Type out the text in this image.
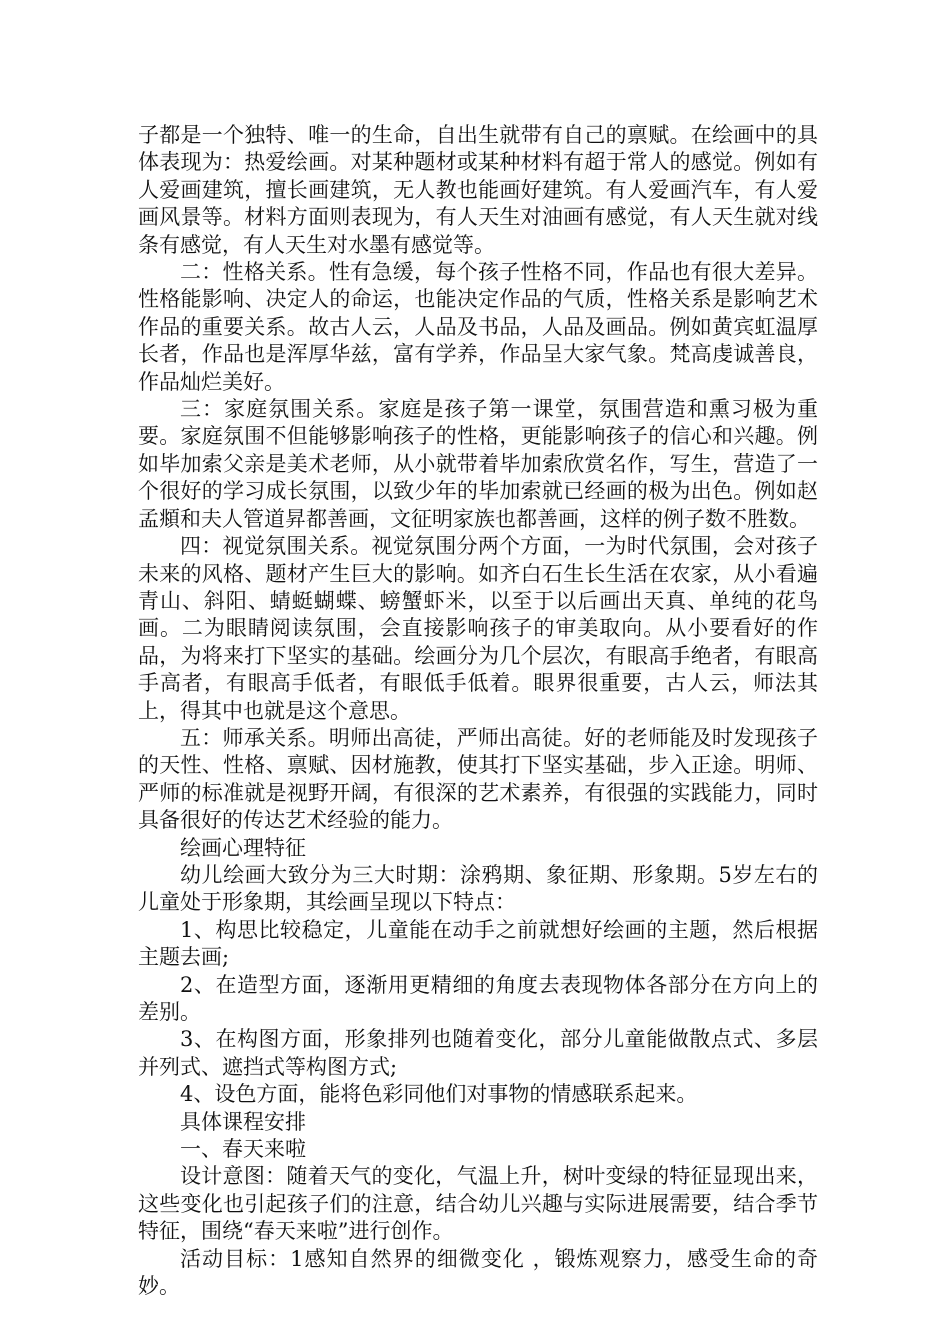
子都是一个独特、唯一的生命，自出生就带有自己的禀赋。在绘画中的具体表现为：热爱绘画。对某种题材或某种材料有超于常人的感觉。例如有人爱画建筑，擅长画建筑，无人教也能画好建筑。有人爱画汽车，有人爱画风景等。材料方面则表现为，有人天生对油画有感觉，有人天生就对线条有感觉，有人天生对水墨有感觉等。

二：性格关系。性有急缓，每个孩子性格不同，作品也有很大差异。性格能影响、决定人的命运，也能决定作品的气质，性格关系是影响艺术作品的重要关系。故古人云，人品及书品，人品及画品。例如黄宾虹温厚长者，作品也是浑厚华兹，富有学养，作品呈大家气象。梵高虔诚善良，作品灿烂美好。

三：家庭氛围关系。家庭是孩子第一课堂，氛围营造和熏习极为重要。家庭氛围不但能够影响孩子的性格，更能影响孩子的信心和兴趣。例如毕加索父亲是美术老师，从小就带着毕加索欣赏名作，写生，营造了一个很好的学习成长氛围，以致少年的毕加索就已经画的极为出色。例如赵孟頫和夫人管道昇都善画，文征明家族也都善画，这样的例子数不胜数。

四：视觉氛围关系。视觉氛围分两个方面，一为时代氛围，会对孩子未来的风格、题材产生巨大的影响。如齐白石生长生活在农家，从小看遍青山、斜阳、蜻蜓蝴蝶、螃蟹虾米，以至于以后画出天真、单纯的花鸟画。二为眼睛阅读氛围，会直接影响孩子的审美取向。从小要看好的作品，为将来打下坚实的基础。绘画分为几个层次，有眼高手绝者，有眼高手高者，有眼高手低者，有眼低手低着。眼界很重要，古人云，师法其上，得其中也就是这个意思。

五：师承关系。明师出高徒，严师出高徒。好的老师能及时发现孩子的天性、性格、禀赋、因材施教，使其打下坚实基础，步入正途。明师、严师的标准就是视野开阔，有很深的艺术素养，有很强的实践能力，同时具备很好的传达艺术经验的能力。

绘画心理特征

幼儿绘画大致分为三大时期：涂鸦期、象征期、形象期。5岁左右的儿童处于形象期，其绘画呈现以下特点：

1、构思比较稳定，儿童能在动手之前就想好绘画的主题，然后根据主题去画;

2、在造型方面，逐渐用更精细的角度去表现物体各部分在方向上的差别。

3、在构图方面，形象排列也随着变化，部分儿童能做散点式、多层并列式、遮挡式等构图方式;

4、设色方面，能将色彩同他们对事物的情感联系起来。

具体课程安排

一、春天来啦

设计意图：随着天气的变化，气温上升，树叶变绿的特征显现出来，这些变化也引起孩子们的注意，结合幼儿兴趣与实际进展需要，结合季节特征，围绕“春天来啦”进行创作。

活动目标：1感知自然界的细微变化 ，锻炼观察力，感受生命的奇妙。
